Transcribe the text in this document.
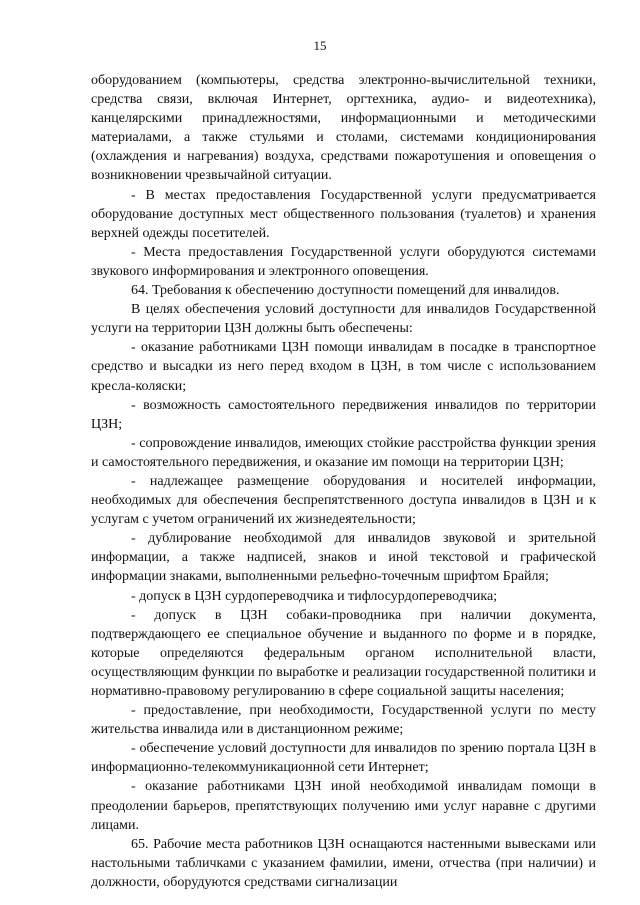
15

оборудованием (компьютеры, средства электронно-вычислительной техники, средства связи, включая Интернет, оргтехника, аудио- и видеотехника), канцелярскими принадлежностями, информационными и методическими материалами, а также стульями и столами, системами кондиционирования (охлаждения и нагревания) воздуха, средствами пожаротушения и оповещения о возникновении чрезвычайной ситуации.

- В местах предоставления Государственной услуги предусматривается оборудование доступных мест общественного пользования (туалетов) и хранения верхней одежды посетителей.

- Места предоставления Государственной услуги оборудуются системами звукового информирования и электронного оповещения.

64. Требования к обеспечению доступности помещений для инвалидов.

В целях обеспечения условий доступности для инвалидов Государственной услуги на территории ЦЗН должны быть обеспечены:

- оказание работниками ЦЗН помощи инвалидам в посадке в транспортное средство и высадки из него перед входом в ЦЗН, в том числе с использованием кресла-коляски;

- возможность самостоятельного передвижения инвалидов по территории ЦЗН;

- сопровождение инвалидов, имеющих стойкие расстройства функции зрения и самостоятельного передвижения, и оказание им помощи на территории ЦЗН;

- надлежащее размещение оборудования и носителей информации, необходимых для обеспечения беспрепятственного доступа инвалидов в ЦЗН и к услугам с учетом ограничений их жизнедеятельности;

- дублирование необходимой для инвалидов звуковой и зрительной информации, а также надписей, знаков и иной текстовой и графической информации знаками, выполненными рельефно-точечным шрифтом Брайля;

- допуск в ЦЗН сурдопереводчика и тифлосурдопереводчика;

- допуск в ЦЗН собаки-проводника при наличии документа, подтверждающего ее специальное обучение и выданного по форме и в порядке, которые определяются федеральным органом исполнительной власти, осуществляющим функции по выработке и реализации государственной политики и нормативно-правовому регулированию в сфере социальной защиты населения;

- предоставление, при необходимости, Государственной услуги по месту жительства инвалида или в дистанционном режиме;

- обеспечение условий доступности для инвалидов по зрению портала ЦЗН в информационно-телекоммуникационной сети Интернет;

- оказание работниками ЦЗН иной необходимой инвалидам помощи в преодолении барьеров, препятствующих получению ими услуг наравне с другими лицами.

65. Рабочие места работников ЦЗН оснащаются настенными вывесками или настольными табличками с указанием фамилии, имени, отчества (при наличии) и должности, оборудуются средствами сигнализации
